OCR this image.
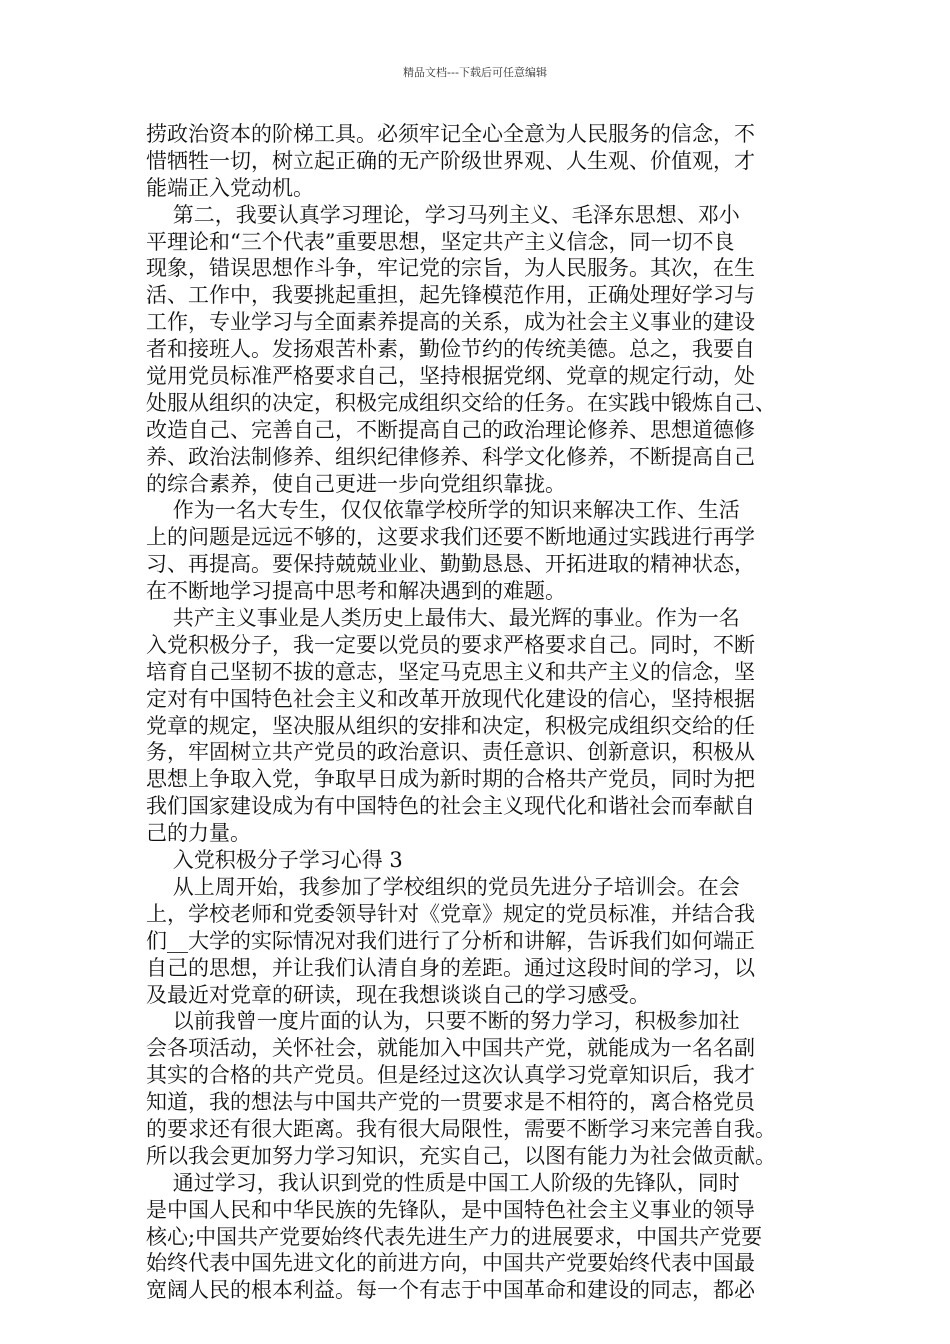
精品文档---下载后可任意编辑
捞政治资本的阶梯工具。必须牢记全心全意为人民服务的信念，不
惜牺牲一切，树立起正确的无产阶级世界观、人生观、价值观，才
能端正入党动机。
第二，我要认真学习理论，学习马列主义、毛泽东思想、邓小
平理论和“三个代表”重要思想，坚定共产主义信念，同一切不良
现象，错误思想作斗争，牢记党的宗旨，为人民服务。其次，在生
活、工作中，我要挑起重担，起先锋模范作用，正确处理好学习与
工作，专业学习与全面素养提高的关系，成为社会主义事业的建设
者和接班人。发扬艰苦朴素，勤俭节约的传统美德。总之，我要自
觉用党员标准严格要求自己，坚持根据党纲、党章的规定行动，处
处服从组织的决定，积极完成组织交给的任务。在实践中锻炼自己、
改造自己、完善自己，不断提高自己的政治理论修养、思想道德修
养、政治法制修养、组织纪律修养、科学文化修养，不断提高自己
的综合素养，使自己更进一步向党组织靠拢。
作为一名大专生，仅仅依靠学校所学的知识来解决工作、生活
上的问题是远远不够的，这要求我们还要不断地通过实践进行再学
习、再提高。要保持兢兢业业、勤勤恳恳、开拓进取的精神状态，
在不断地学习提高中思考和解决遇到的难题。
共产主义事业是人类历史上最伟大、最光辉的事业。作为一名
入党积极分子，我一定要以党员的要求严格要求自己。同时，不断
培育自己坚韧不拔的意志，坚定马克思主义和共产主义的信念，坚
定对有中国特色社会主义和改革开放现代化建设的信心，坚持根据
党章的规定，坚决服从组织的安排和决定，积极完成组织交给的任
务，牢固树立共产党员的政治意识、责任意识、创新意识，积极从
思想上争取入党，争取早日成为新时期的合格共产党员，同时为把
我们国家建设成为有中国特色的社会主义现代化和谐社会而奉献自
己的力量。
入党积极分子学习心得 3
从上周开始，我参加了学校组织的党员先进分子培训会。在会
上，学校老师和党委领导针对《党章》规定的党员标准，并结合我
们__大学的实际情况对我们进行了分析和讲解，告诉我们如何端正
自己的思想，并让我们认清自身的差距。通过这段时间的学习，以
及最近对党章的研读，现在我想谈谈自己的学习感受。
以前我曾一度片面的认为，只要不断的努力学习，积极参加社
会各项活动，关怀社会，就能加入中国共产党，就能成为一名名副
其实的合格的共产党员。但是经过这次认真学习党章知识后，我才
知道，我的想法与中国共产党的一贯要求是不相符的，离合格党员
的要求还有很大距离。我有很大局限性，需要不断学习来完善自我。
所以我会更加努力学习知识，充实自己，以图有能力为社会做贡献。
通过学习，我认识到党的性质是中国工人阶级的先锋队，同时
是中国人民和中华民族的先锋队，是中国特色社会主义事业的领导
核心;中国共产党要始终代表先进生产力的进展要求，中国共产党要
始终代表中国先进文化的前进方向，中国共产党要始终代表中国最
宽阔人民的根本利益。每一个有志于中国革命和建设的同志，都必
